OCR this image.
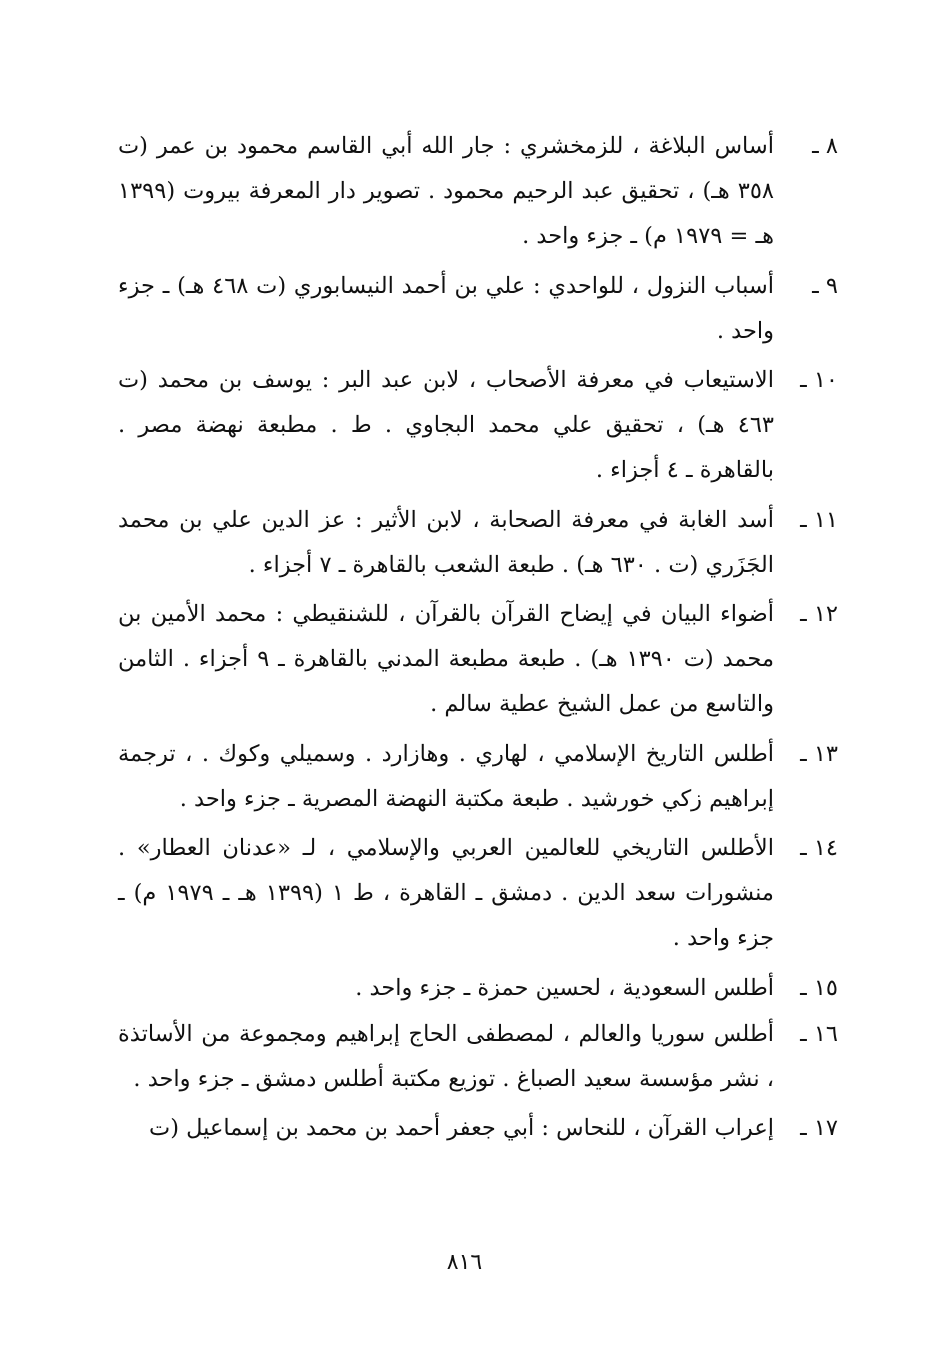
٨ ـ
أساس البلاغة ، للزمخشري : جار الله أبي القاسم محمود بن عمر (ت ٣٥٨ هـ) ، تحقيق عبد الرحيم محمود . تصوير دار المعرفة بيروت (١٣٩٩ هـ = ١٩٧٩ م) ـ جزء واحد .
٩ ـ
أسباب النزول ، للواحدي : علي بن أحمد النيسابوري (ت ٤٦٨ هـ) ـ جزء واحد .
١٠ ـ
الاستيعاب في معرفة الأصحاب ، لابن عبد البر : يوسف بن محمد (ت ٤٦٣ هـ) ، تحقيق علي محمد البجاوي . ط . مطبعة نهضة مصر . بالقاهرة ـ ٤ أجزاء .
١١ ـ
أسد الغابة في معرفة الصحابة ، لابن الأثير : عز الدين علي بن محمد الجَزَري (ت . ٦٣٠ هـ) . طبعة الشعب بالقاهرة ـ ٧ أجزاء .
١٢ ـ
أضواء البيان في إيضاح القرآن بالقرآن ، للشنقيطي : محمد الأمين بن محمد (ت ١٣٩٠ هـ) . طبعة مطبعة المدني بالقاهرة ـ ٩ أجزاء . الثامن والتاسع من عمل الشيخ عطية سالم .
١٣ ـ
أطلس التاريخ الإسلامي ، لهاري . وهازارد . وسميلي وكوك . ، ترجمة إبراهيم زكي خورشيد . طبعة مكتبة النهضة المصرية ـ جزء واحد .
١٤ ـ
الأطلس التاريخي للعالمين العربي والإسلامي ، لـ «عدنان العطار» . منشورات سعد الدين . دمشق ـ القاهرة ، ط ١ (١٣٩٩ هـ ـ ١٩٧٩ م) ـ جزء واحد .
١٥ ـ
أطلس السعودية ، لحسين حمزة ـ جزء واحد .
١٦ ـ
أطلس سوريا والعالم ، لمصطفى الحاج إبراهيم ومجموعة من الأساتذة ، نشر مؤسسة سعيد الصباغ . توزيع مكتبة أطلس دمشق ـ جزء واحد .
١٧ ـ
إعراب القرآن ، للنحاس : أبي جعفر أحمد بن محمد بن إسماعيل (ت
٨١٦
